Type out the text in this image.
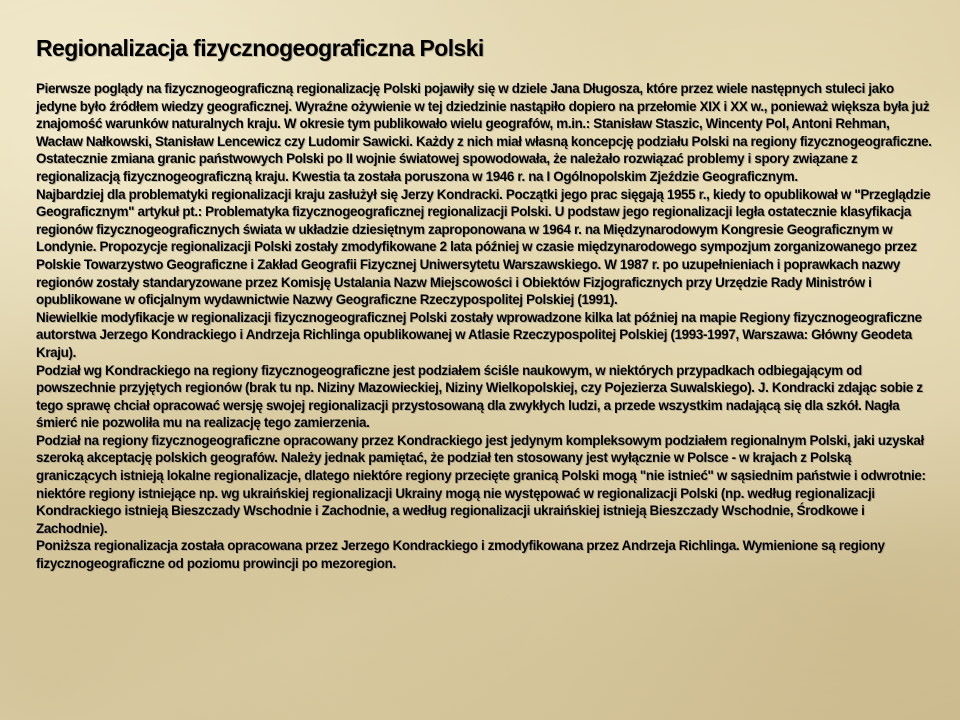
Regionalizacja fizycznogeograficzna Polski

Pierwsze poglądy na fizycznogeograficzną regionalizację Polski pojawiły się w dziele Jana Długosza, które przez wiele następnych stuleci jako jedyne było źródłem wiedzy geograficznej. Wyraźne ożywienie w tej dziedzinie nastąpiło dopiero na przełomie XIX i XX w., ponieważ większa była już znajomość warunków naturalnych kraju. W okresie tym publikowało wielu geografów, m.in.: Stanisław Staszic, Wincenty Pol, Antoni Rehman, Wacław Nałkowski, Stanisław Lencewicz czy Ludomir Sawicki. Każdy z nich miał własną koncepcję podziału Polski na regiony fizycznogeograficzne.

Ostatecznie zmiana granic państwowych Polski po II wojnie światowej spowodowała, że należało rozwiązać problemy i spory związane z regionalizacją fizycznogeograficzną kraju. Kwestia ta została poruszona w 1946 r. na I Ogólnopolskim Zjeździe Geograficznym.

Najbardziej dla problematyki regionalizacji kraju zasłużył się Jerzy Kondracki. Początki jego prac sięgają 1955 r., kiedy to opublikował w "Przeglądzie Geograficznym" artykuł pt.: Problematyka fizycznogeograficznej regionalizacji Polski. U podstaw jego regionalizacji legła ostatecznie klasyfikacja regionów fizycznogeograficznych świata w układzie dziesiętnym zaproponowana w 1964 r. na Międzynarodowym Kongresie Geograficznym w Londynie. Propozycje regionalizacji Polski zostały zmodyfikowane 2 lata później w czasie międzynarodowego sympozjum zorganizowanego przez Polskie Towarzystwo Geograficzne i Zakład Geografii Fizycznej Uniwersytetu Warszawskiego. W 1987 r. po uzupełnieniach i poprawkach nazwy regionów zostały standaryzowane przez Komisję Ustalania Nazw Miejscowości i Obiektów Fizjograficznych przy Urzędzie Rady Ministrów i opublikowane w oficjalnym wydawnictwie Nazwy Geograficzne Rzeczypospolitej Polskiej (1991).

Niewielkie modyfikacje w regionalizacji fizycznogeograficznej Polski zostały wprowadzone kilka lat później na mapie Regiony fizycznogeograficzne autorstwa Jerzego Kondrackiego i Andrzeja Richlinga opublikowanej w Atlasie Rzeczypospolitej Polskiej (1993-1997, Warszawa: Główny Geodeta Kraju).

Podział wg Kondrackiego na regiony fizycznogeograficzne jest podziałem ściśle naukowym, w niektórych przypadkach odbiegającym od powszechnie przyjętych regionów (brak tu np. Niziny Mazowieckiej, Niziny Wielkopolskiej, czy Pojezierza Suwalskiego). J. Kondracki zdając sobie z tego sprawę chciał opracować wersję swojej regionalizacji przystosowaną dla zwykłych ludzi, a przede wszystkim nadającą się dla szkół. Nagła śmierć nie pozwoliła mu na realizację tego zamierzenia.

Podział na regiony fizycznogeograficzne opracowany przez Kondrackiego jest jedynym kompleksowym podziałem regionalnym Polski, jaki uzyskał szeroką akceptację polskich geografów. Należy jednak pamiętać, że podział ten stosowany jest wyłącznie w Polsce - w krajach z Polską graniczących istnieją lokalne regionalizacje, dlatego niektóre regiony przecięte granicą Polski mogą "nie istnieć" w sąsiednim państwie i odwrotnie: niektóre regiony istniejące np. wg ukraińskiej regionalizacji Ukrainy mogą nie występować w regionalizacji Polski (np. według regionalizacji Kondrackiego istnieją Bieszczady Wschodnie i Zachodnie, a według regionalizacji ukraińskiej istnieją Bieszczady Wschodnie, Środkowe i Zachodnie).

Poniższa regionalizacja została opracowana przez Jerzego Kondrackiego i zmodyfikowana przez Andrzeja Richlinga. Wymienione są regiony fizycznogeograficzne od poziomu prowincji po mezoregion.
